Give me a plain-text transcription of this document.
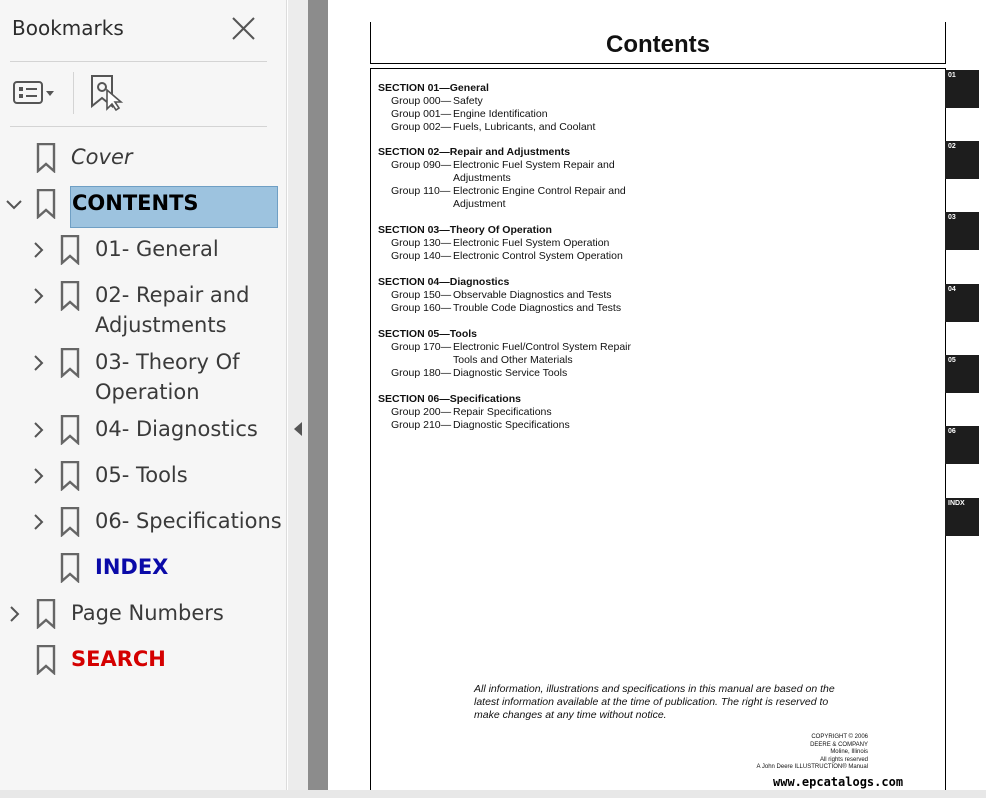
Bookmarks
Cover
CONTENTS
01- General
02- Repair and
Adjustments
03- Theory Of
Operation
04- Diagnostics
05- Tools
06- Specifications
INDEX
Page Numbers
SEARCH
Contents
SECTION 01—General
Group 000— Safety
Group 001— Engine Identification
Group 002— Fuels, Lubricants, and Coolant
SECTION 02—Repair and Adjustments
Group 090— Electronic Fuel System Repair and Adjustments
Group 110— Electronic Engine Control Repair and Adjustment
SECTION 03—Theory Of Operation
Group 130— Electronic Fuel System Operation
Group 140— Electronic Control System Operation
SECTION 04—Diagnostics
Group 150— Observable Diagnostics and Tests
Group 160— Trouble Code Diagnostics and Tests
SECTION 05—Tools
Group 170— Electronic Fuel/Control System Repair Tools and Other Materials
Group 180— Diagnostic Service Tools
SECTION 06—Specifications
Group 200— Repair Specifications
Group 210— Diagnostic Specifications
01
02
03
04
05
06
INDX
All information, illustrations and specifications in this manual are based on the latest information available at the time of publication. The right is reserved to make changes at any time without notice.
COPYRIGHT © 2006
DEERE & COMPANY
Moline, Illinois
All rights reserved
A John Deere ILLUSTRUCTION® Manual
www.epcatalogs.com
